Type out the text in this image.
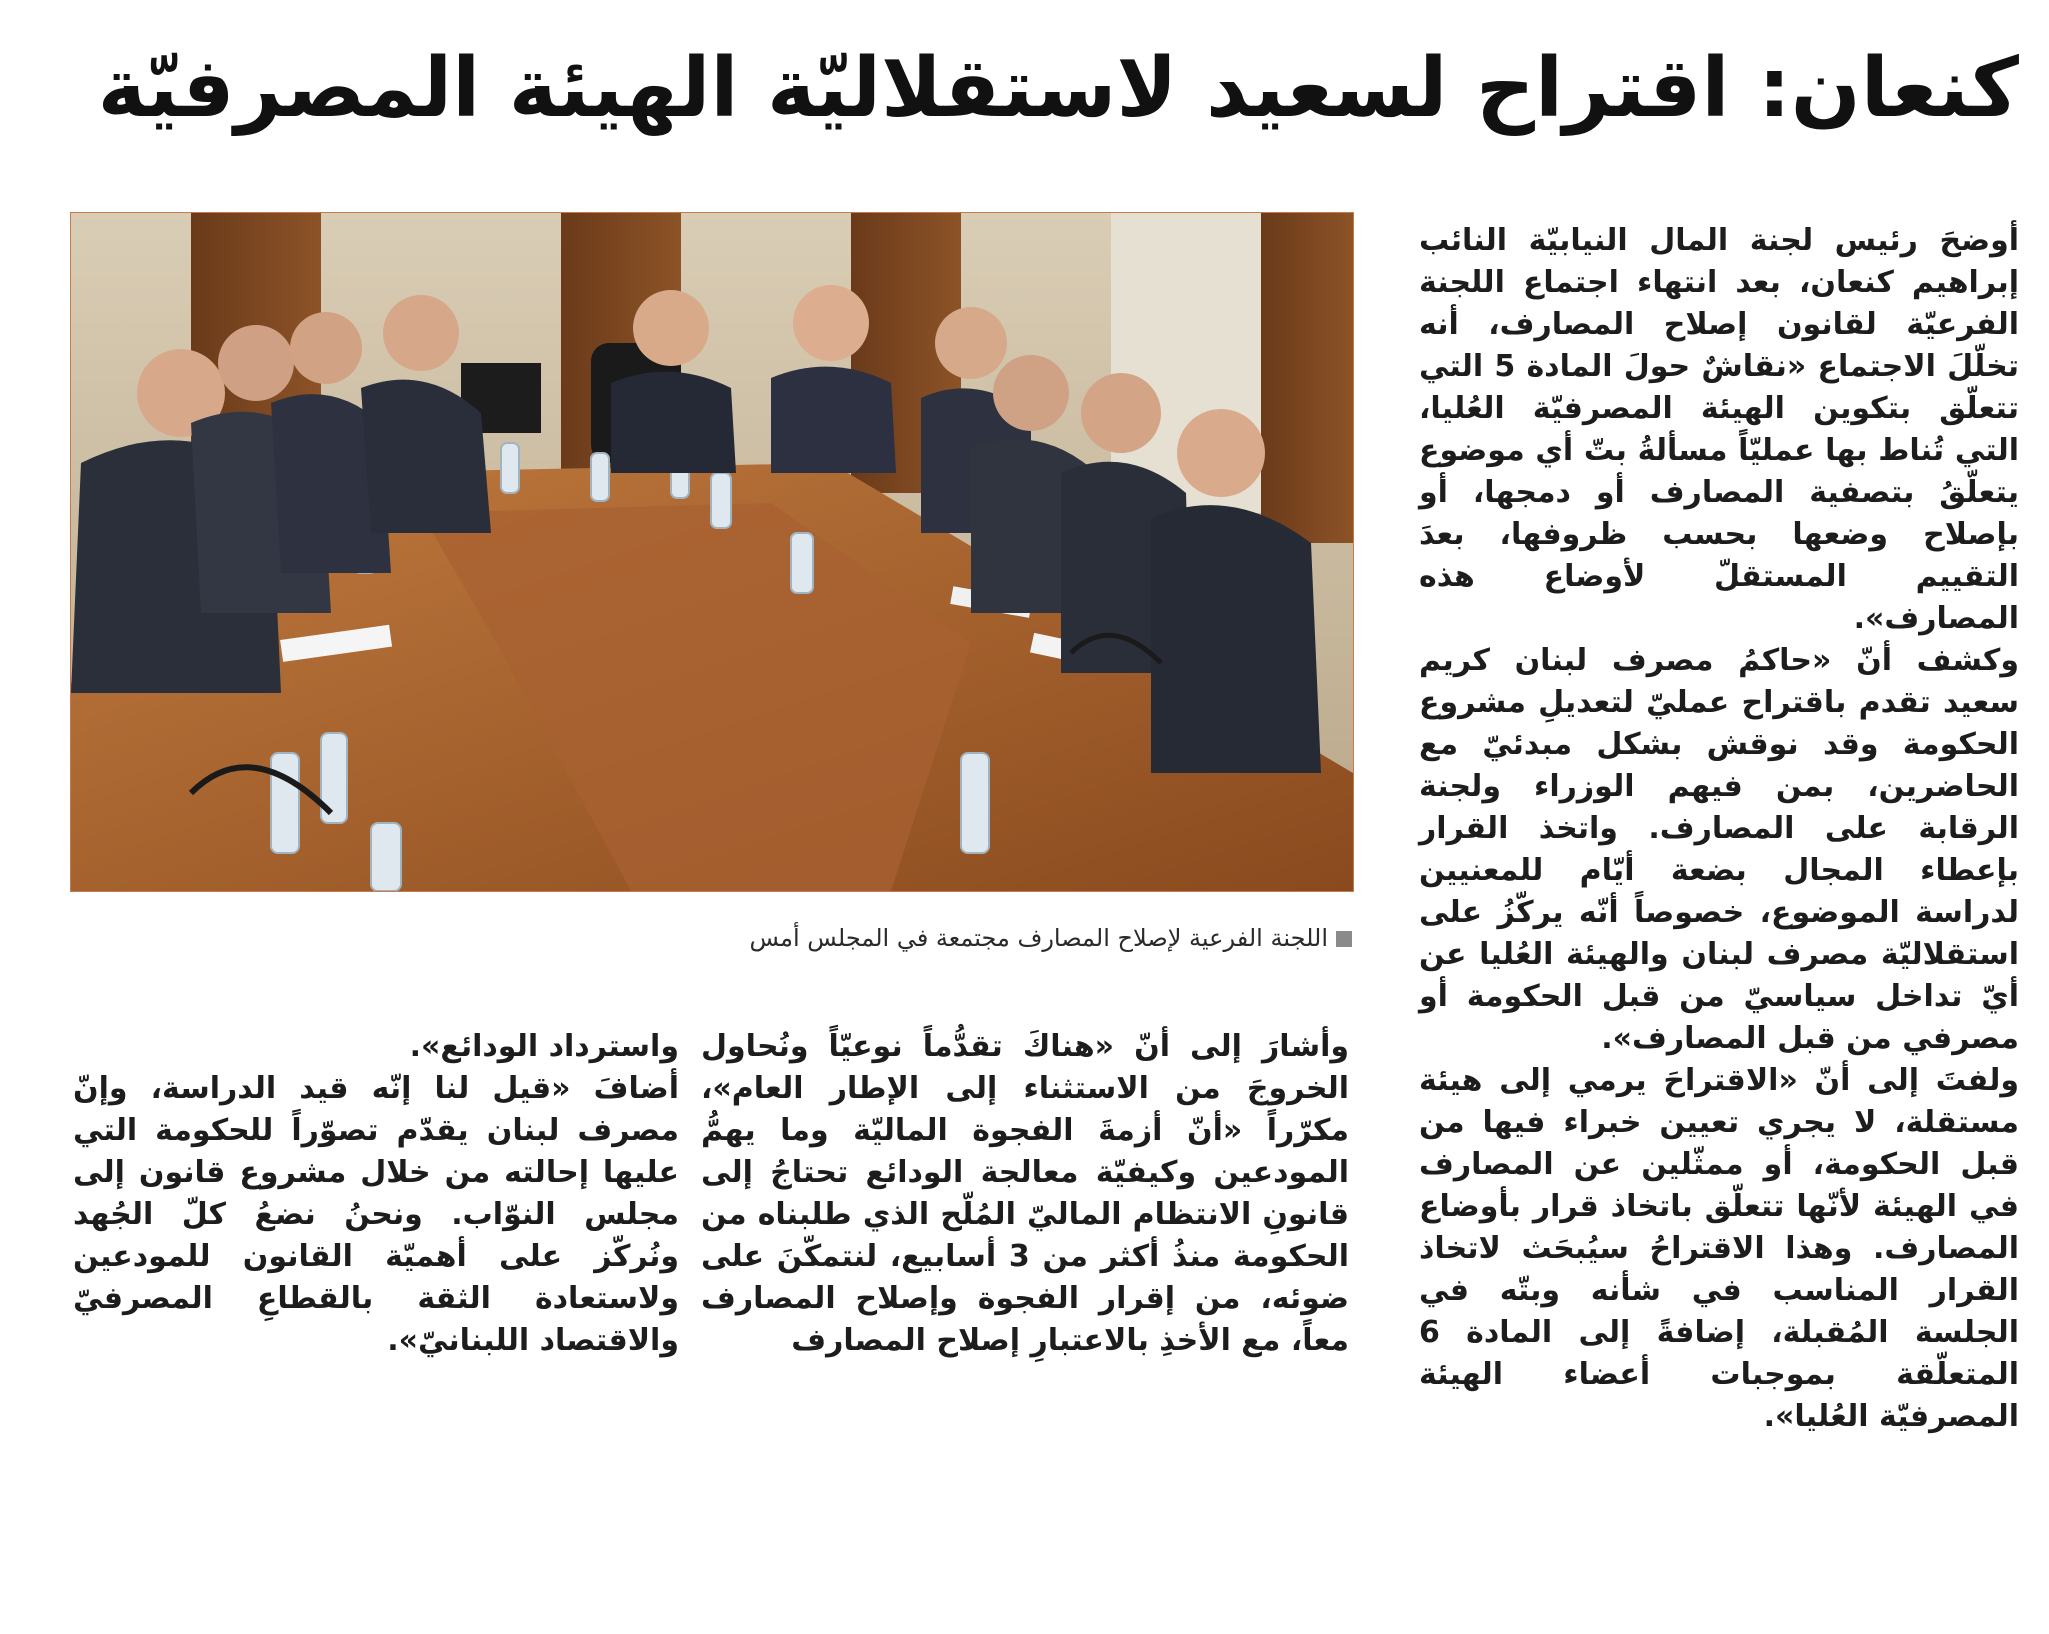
كنعان: اقتراح لسعيد لاستقلاليّة الهيئة المصرفيّة
اللجنة الفرعية لإصلاح المصارف مجتمعة في المجلس أمس

أوضحَ رئيس لجنة المال النيابيّة النائب إبراهيم كنعان، بعد انتهاء اجتماع اللجنة الفرعيّة لقانون إصلاح المصارف، أنه تخلّلَ الاجتماع «نقاشٌ حولَ المادة 5 التي تتعلّق بتكوين الهيئة المصرفيّة العُليا، التي تُناط بها عمليّاً مسألةُ بتّ أي موضوع يتعلّقُ بتصفية المصارف أو دمجها، أو بإصلاح وضعها بحسب ظروفها، بعدَ التقييم المستقلّ لأوضاع هذه المصارف».

وكشف أنّ «حاكمُ مصرف لبنان كريم سعيد تقدم باقتراح عمليّ لتعديلِ مشروع الحكومة وقد نوقش بشكل مبدئيّ مع الحاضرين، بمن فيهم الوزراء ولجنة الرقابة على المصارف. واتخذ القرار بإعطاء المجال بضعة أيّام للمعنيين لدراسة الموضوع، خصوصاً أنّه يركّزُ على استقلاليّة مصرف لبنان والهيئة العُليا عن أيّ تداخل سياسيّ من قبل الحكومة أو مصرفي من قبل المصارف».

ولفتَ إلى أنّ «الاقتراحَ يرمي إلى هيئة مستقلة، لا يجري تعيين خبراء فيها من قبل الحكومة، أو ممثّلين عن المصارف في الهيئة لأنّها تتعلّق باتخاذ قرار بأوضاع المصارف. وهذا الاقتراحُ سيُبحَث لاتخاذ القرار المناسب في شأنه وبتّه في الجلسة المُقبلة، إضافةً إلى المادة 6 المتعلّقة بموجبات أعضاء الهيئة المصرفيّة العُليا».

وأشارَ إلى أنّ «هناكَ تقدُّماً نوعيّاً ونُحاول الخروجَ من الاستثناء إلى الإطار العام»، مكرّراً «أنّ أزمةَ الفجوة الماليّة وما يهمُّ المودعين وكيفيّة معالجة الودائع تحتاجُ إلى قانونِ الانتظام الماليّ المُلّح الذي طلبناه من الحكومة منذُ أكثر من 3 أسابيع، لنتمكّنَ على ضوئه، من إقرار الفجوة وإصلاح المصارف معاً، مع الأخذِ بالاعتبارِ إصلاح المصارف

واسترداد الودائع».

أضافَ «قيل لنا إنّه قيد الدراسة، وإنّ مصرف لبنان يقدّم تصوّراً للحكومة التي عليها إحالته من خلال مشروع قانون إلى مجلس النوّاب. ونحنُ نضعُ كلّ الجُهد ونُركّز على أهميّة القانون للمودعين ولاستعادة الثقة بالقطاعِ المصرفيّ والاقتصاد اللبنانيّ».
